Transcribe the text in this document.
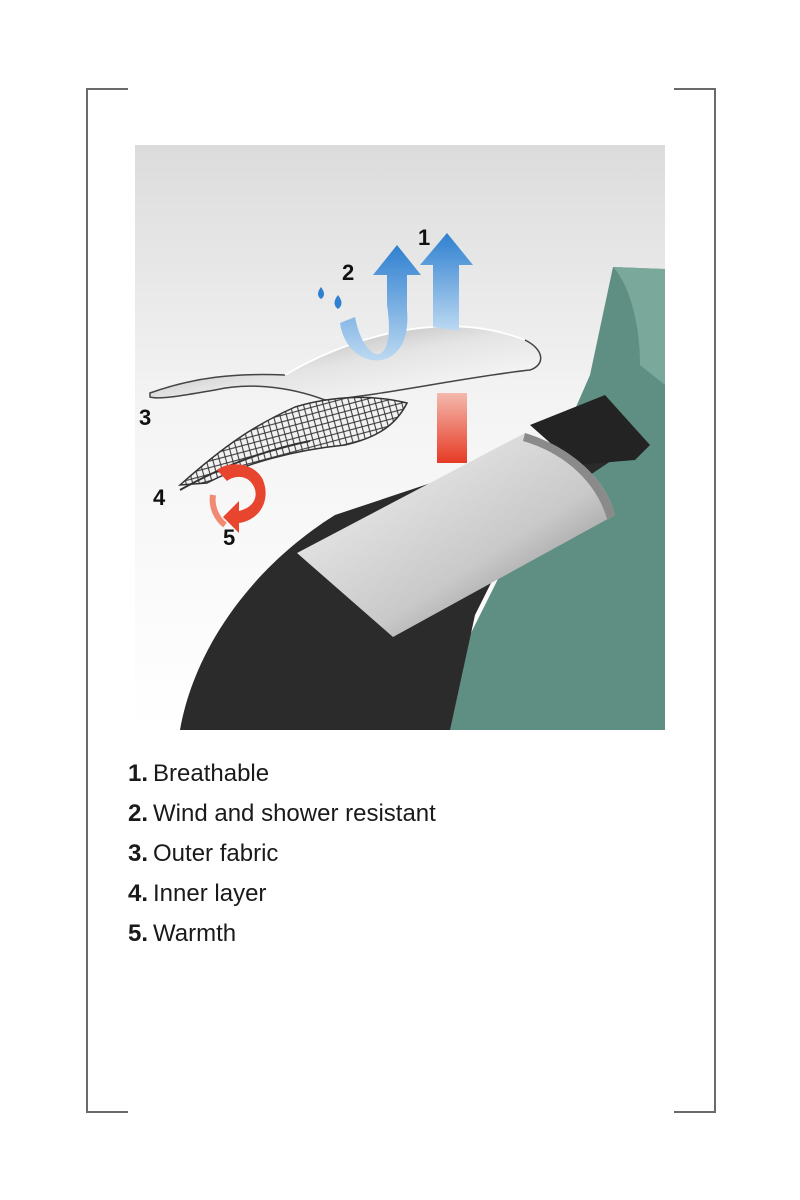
1
2
3
4
5
1. Breathable
2. Wind and shower resistant
3. Outer fabric
4. Inner layer
5. Warmth
